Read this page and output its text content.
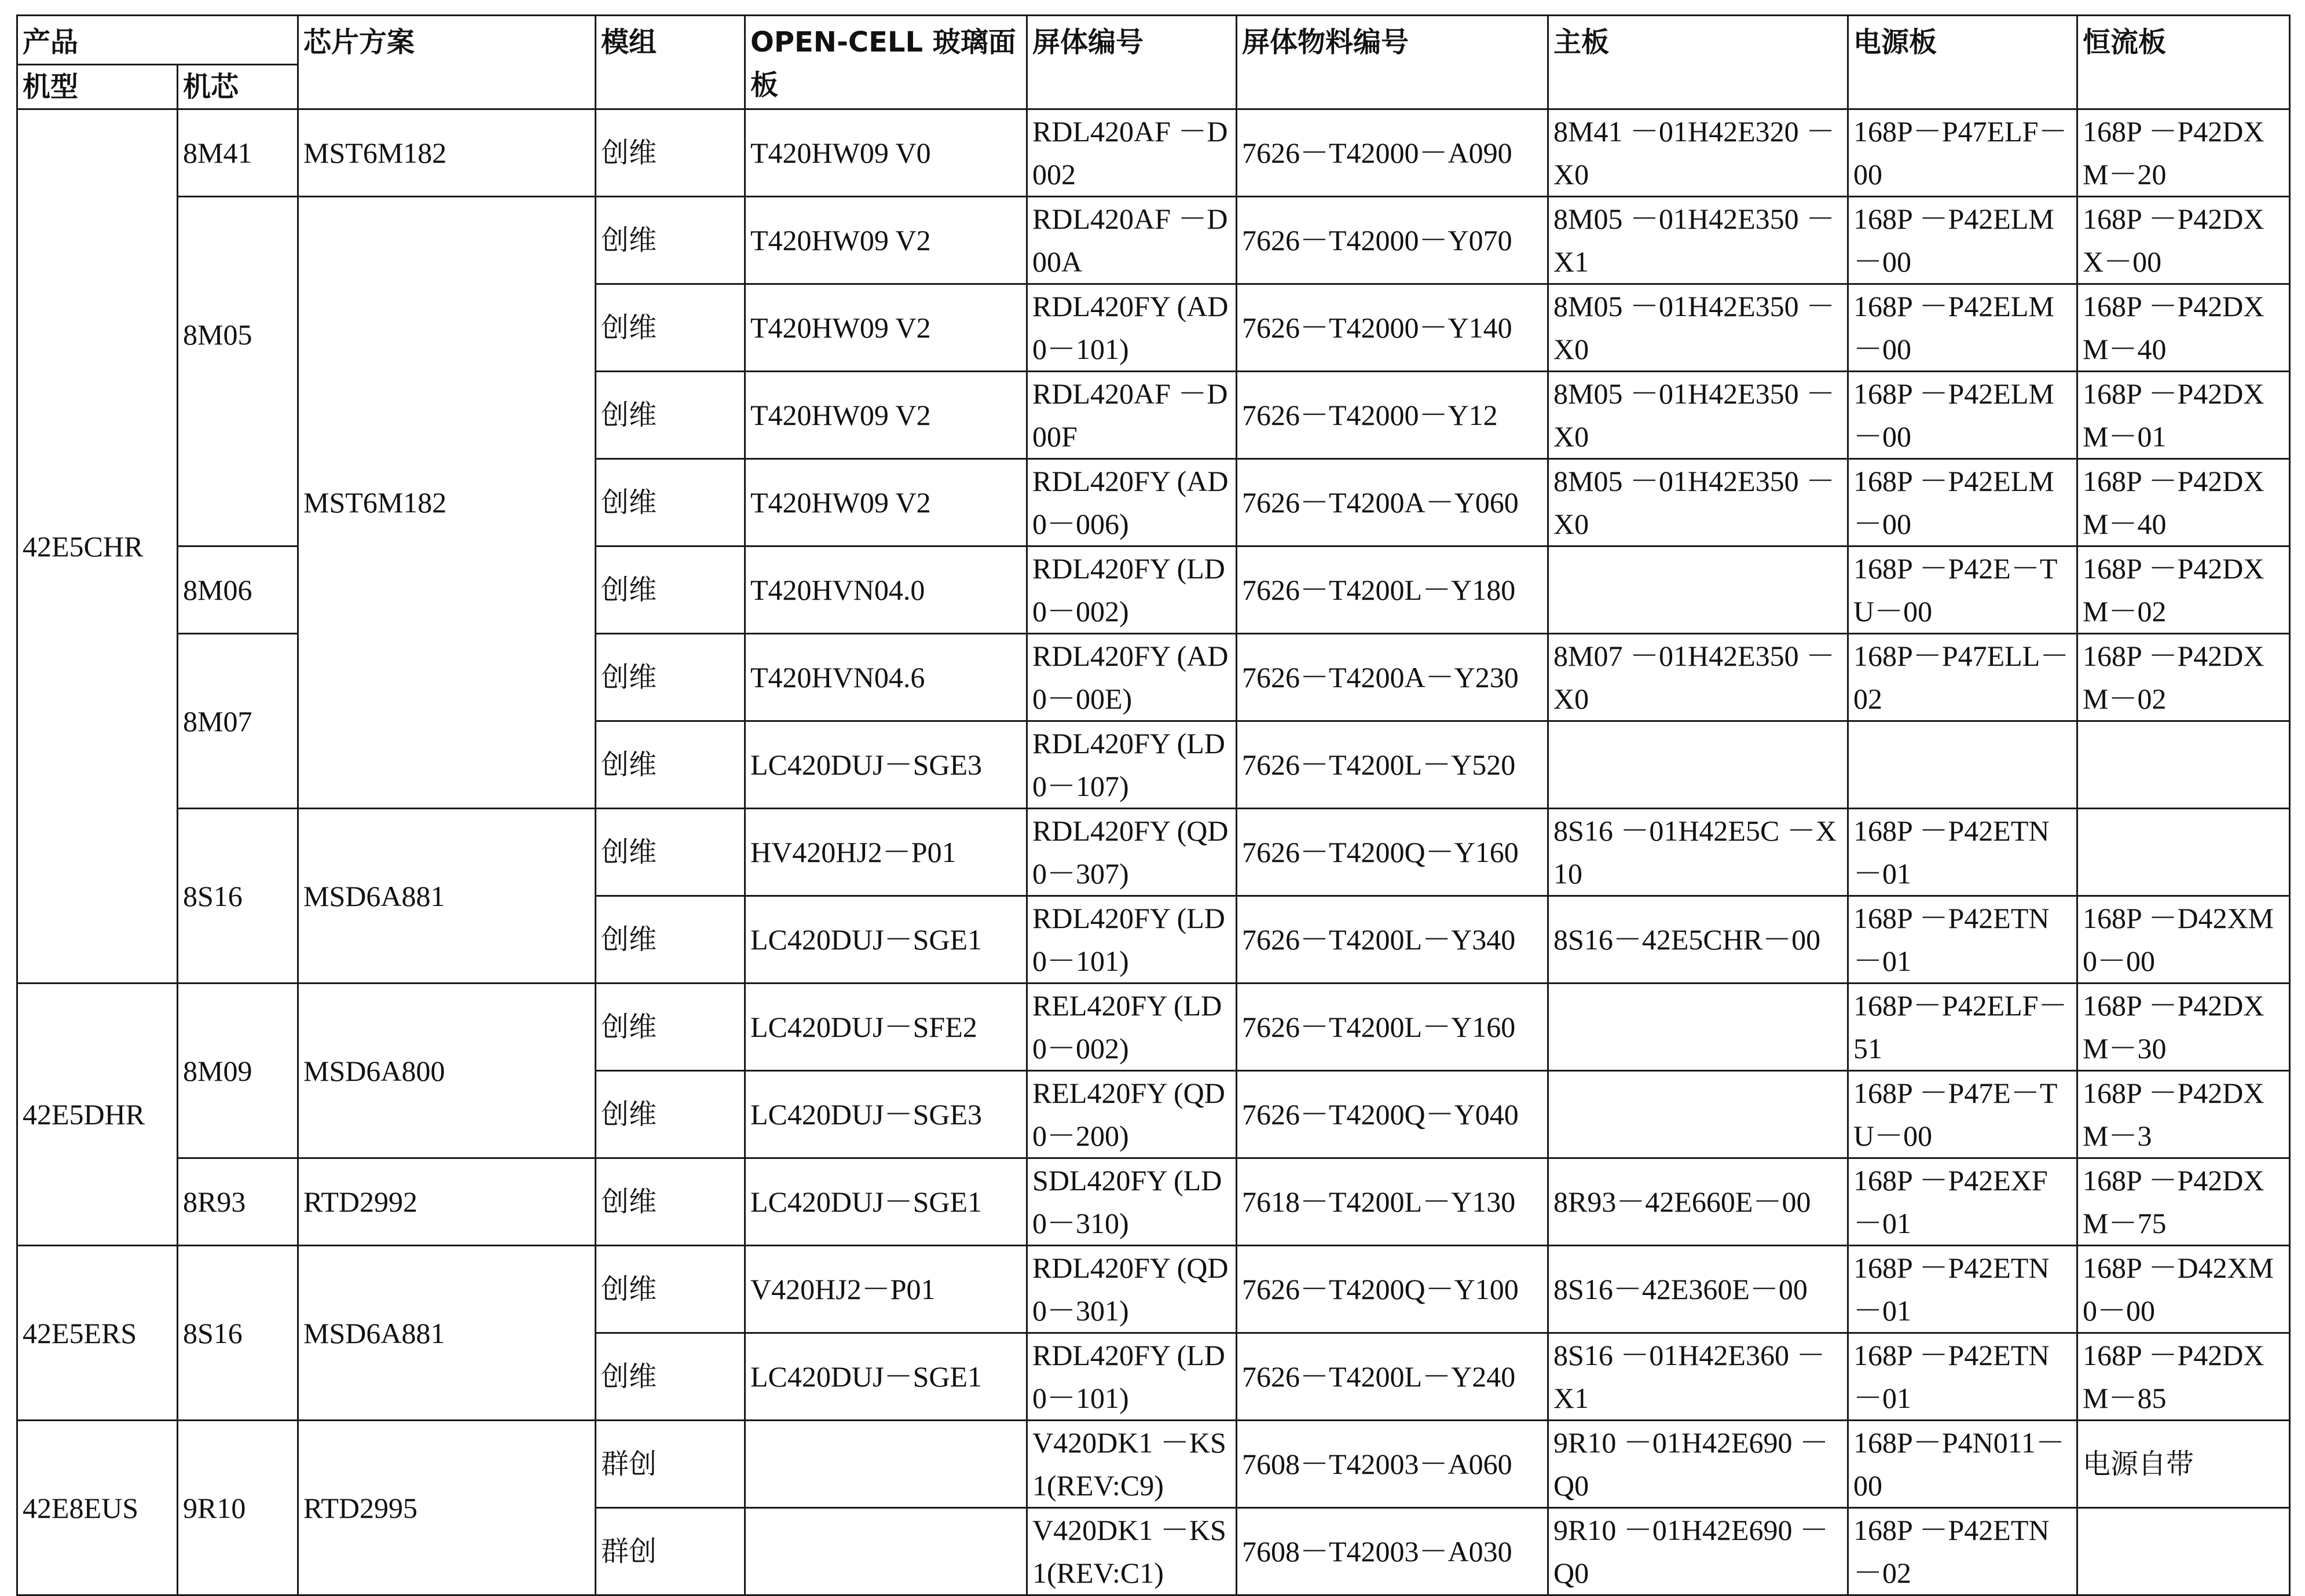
产品		芯片方案	模组	OPEN-CELL 玻璃面板	屏体编号	屏体物料编号	主板	电源板	恒流板
机型	机芯								
42E5CHR	8M41	MST6M182	创维	T420HW09 V0	RDL420AF －D002	7626－T42000－A090	8M41 －01H42E320 －X0	168P－P47ELF－00	168P －P42DXM－20
	8M05	MST6M182	创维	T420HW09 V2	RDL420AF －D00A	7626－T42000－Y070	8M05 －01H42E350 －X1	168P －P42ELM－00	168P －P42DXX－00
			创维	T420HW09 V2	RDL420FY (AD0－101)	7626－T42000－Y140	8M05 －01H42E350 －X0	168P －P42ELM－00	168P －P42DXM－40
			创维	T420HW09 V2	RDL420AF －D00F	7626－T42000－Y12	8M05 －01H42E350 －X0	168P －P42ELM－00	168P －P42DXM－01
			创维	T420HW09 V2	RDL420FY (AD0－006)	7626－T4200A－Y060	8M05 －01H42E350 －X0	168P －P42ELM－00	168P －P42DXM－40
	8M06		创维	T420HVN04.0	RDL420FY (LD0－002)	7626－T4200L－Y180		168P －P42E－TU－00	168P －P42DXM－02
	8M07		创维	T420HVN04.6	RDL420FY (AD0－00E)	7626－T4200A－Y230	8M07 －01H42E350 －X0	168P－P47ELL－02	168P －P42DXM－02
			创维	LC420DUJ－SGE3	RDL420FY (LD0－107)	7626－T4200L－Y520			
	8S16	MSD6A881	创维	HV420HJ2－P01	RDL420FY (QD0－307)	7626－T4200Q－Y160	8S16 －01H42E5C －X10	168P －P42ETN－01	
			创维	LC420DUJ－SGE1	RDL420FY (LD0－101)	7626－T4200L－Y340	8S16－42E5CHR－00	168P －P42ETN－01	168P －D42XM0－00
42E5DHR	8M09	MSD6A800	创维	LC420DUJ－SFE2	REL420FY (LD0－002)	7626－T4200L－Y160		168P－P42ELF－51	168P －P42DXM－30
			创维	LC420DUJ－SGE3	REL420FY (QD0－200)	7626－T4200Q－Y040		168P －P47E－TU－00	168P －P42DXM－3
	8R93	RTD2992	创维	LC420DUJ－SGE1	SDL420FY (LD0－310)	7618－T4200L－Y130	8R93－42E660E－00	168P －P42EXF－01	168P －P42DXM－75
42E5ERS	8S16	MSD6A881	创维	V420HJ2－P01	RDL420FY (QD0－301)	7626－T4200Q－Y100	8S16－42E360E－00	168P －P42ETN－01	168P －D42XM0－00
			创维	LC420DUJ－SGE1	RDL420FY (LD0－101)	7626－T4200L－Y240	8S16 －01H42E360 －X1	168P －P42ETN－01	168P －P42DXM－85
42E8EUS	9R10	RTD2995	群创		V420DK1 －KS1(REV:C9)	7608－T42003－A060	9R10 －01H42E690 －Q0	168P－P4N011－00	电源自带
			群创		V420DK1 －KS1(REV:C1)	7608－T42003－A030	9R10 －01H42E690 －Q0	168P －P42ETN－02	
